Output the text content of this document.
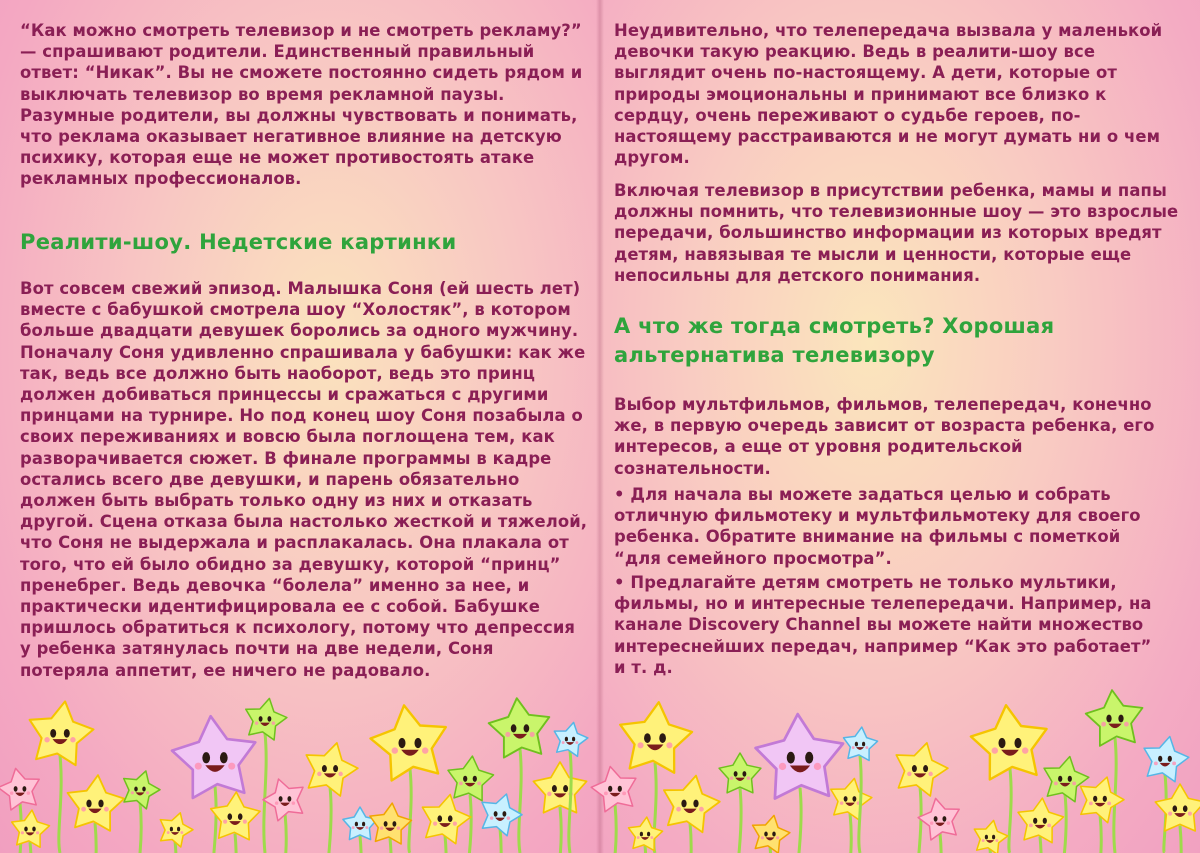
“Как можно смотреть телевизор и не смотреть рекламу?” — спрашивают родители. Единственный правильный ответ: “Никак”. Вы не сможете постоянно сидеть рядом и выключать телевизор во время рекламной паузы. Разумные родители, вы должны чувствовать и понимать, что реклама оказывает негативное влияние на детскую психику, которая еще не может противостоять атаке рекламных профессионалов.

Реалити-шоу. Недетские картинки

Вот совсем свежий эпизод. Малышка Соня (ей шесть лет) вместе с бабушкой смотрела шоу “Холостяк”, в котором больше двадцати девушек боролись за одного мужчину. Поначалу Соня удивленно спрашивала у бабушки: как же так, ведь все должно быть наоборот, ведь это принц должен добиваться принцессы и сражаться с другими принцами на турнире. Но под конец шоу Соня позабыла о своих переживаниях и вовсю была поглощена тем, как разворачивается сюжет. В финале программы в кадре остались всего две девушки, и парень обязательно должен быть выбрать только одну из них и отказать другой. Сцена отказа была настолько жесткой и тяжелой, что Соня не выдержала и расплакалась. Она плакала от того, что ей было обидно за девушку, которой “принц” пренебрег. Ведь девочка “болела” именно за нее, и практически идентифицировала ее с собой. Бабушке пришлось обратиться к психологу, потому что депрессия у ребенка затянулась почти на две недели, Соня потеряла аппетит, ее ничего не радовало.

Неудивительно, что телепередача вызвала у маленькой девочки такую реакцию. Ведь в реалити-шоу все выглядит очень по-настоящему. А дети, которые от природы эмоциональны и принимают все близко к сердцу, очень переживают о судьбе героев, по-настоящему расстраиваются и не могут думать ни о чем другом.

Включая телевизор в присутствии ребенка, мамы и папы должны помнить, что телевизионные шоу — это взрослые передачи, большинство информации из которых вредят детям, навязывая те мысли и ценности, которые еще непосильны для детского понимания.

А что же тогда смотреть? Хорошая альтернатива телевизору

Выбор мультфильмов, фильмов, телепередач, конечно же, в первую очередь зависит от возраста ребенка, его интересов, а еще от уровня родительской сознательности.

• Для начала вы можете задаться целью и собрать отличную фильмотеку и мультфильмотеку для своего ребенка. Обратите внимание на фильмы с пометкой “для семейного просмотра”.

• Предлагайте детям смотреть не только мультики, фильмы, но и интересные телепередачи. Например, на канале Discovery Channel вы можете найти множество интереснейших передач, например “Как это работает” и т. д.
